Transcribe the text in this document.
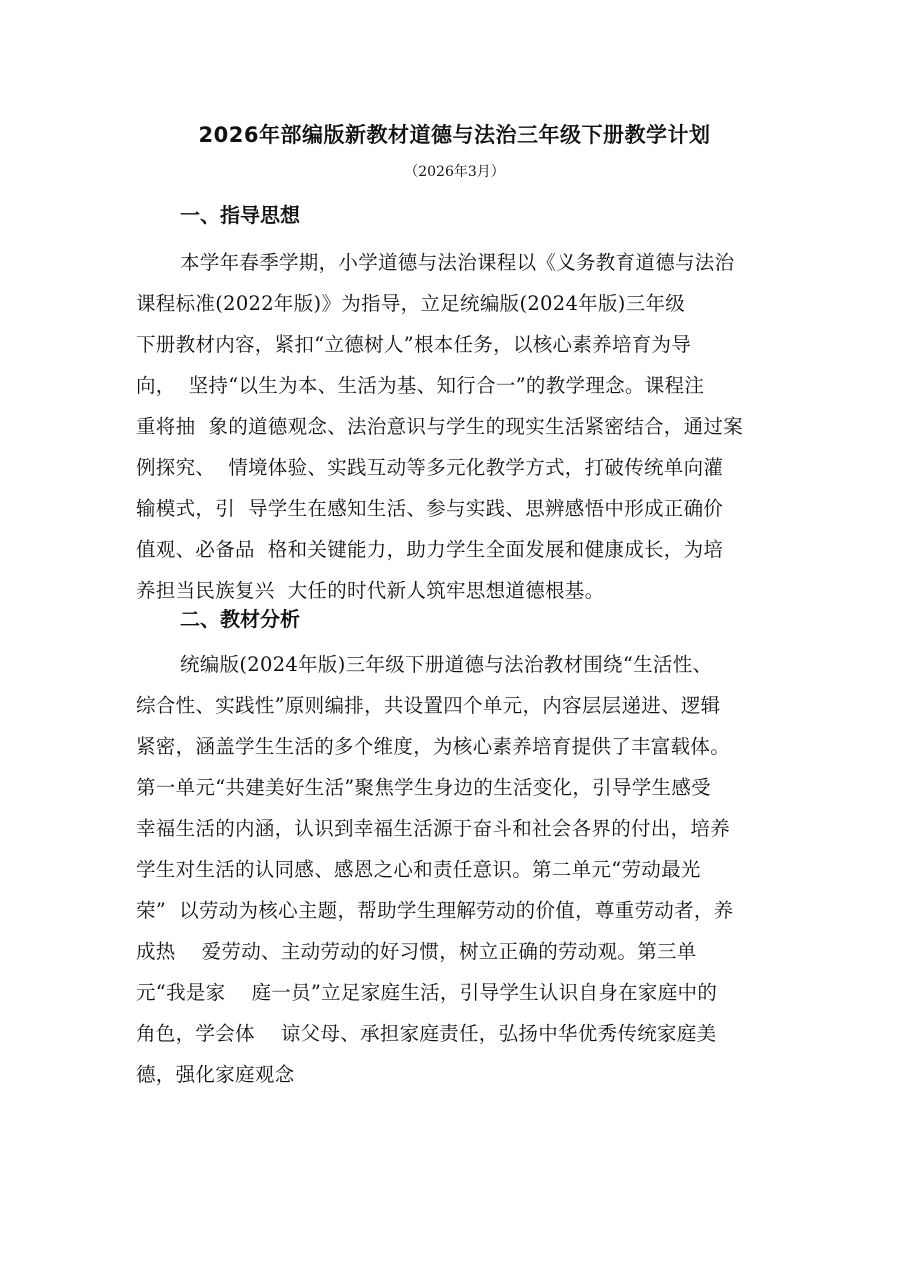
2026年部编版新教材道德与法治三年级下册教学计划
（2026年3月）
一、指导思想
本学年春季学期，小学道德与法治课程以《义务教育道德与法治
课程标准(2022年版)》为指导，立足统编版(2024年版)三年级
下册教材内容，紧扣“立德树人”根本任务，以核心素养培育为导
向，  坚持“以生为本、生活为基、知行合一”的教学理念。课程注
重将抽  象的道德观念、法治意识与学生的现实生活紧密结合，通过案
例探究、  情境体验、实践互动等多元化教学方式，打破传统单向灌
输模式，引  导学生在感知生活、参与实践、思辨感悟中形成正确价
值观、必备品  格和关键能力，助力学生全面发展和健康成长，为培
养担当民族复兴  大任的时代新人筑牢思想道德根基。
二、教材分析
统编版(2024年版)三年级下册道德与法治教材围绕“生活性、
综合性、实践性”原则编排，共设置四个单元，内容层层递进、逻辑
紧密，涵盖学生生活的多个维度，为核心素养培育提供了丰富载体。
第一单元“共建美好生活”聚焦学生身边的生活变化，引导学生感受
幸福生活的内涵，认识到幸福生活源于奋斗和社会各界的付出，培养
学生对生活的认同感、感恩之心和责任意识。第二单元“劳动最光
荣”  以劳动为核心主题，帮助学生理解劳动的价值，尊重劳动者，养
成热    爱劳动、主动劳动的好习惯，树立正确的劳动观。第三单
元“我是家    庭一员”立足家庭生活，引导学生认识自身在家庭中的
角色，学会体    谅父母、承担家庭责任，弘扬中华优秀传统家庭美
德，强化家庭观念
